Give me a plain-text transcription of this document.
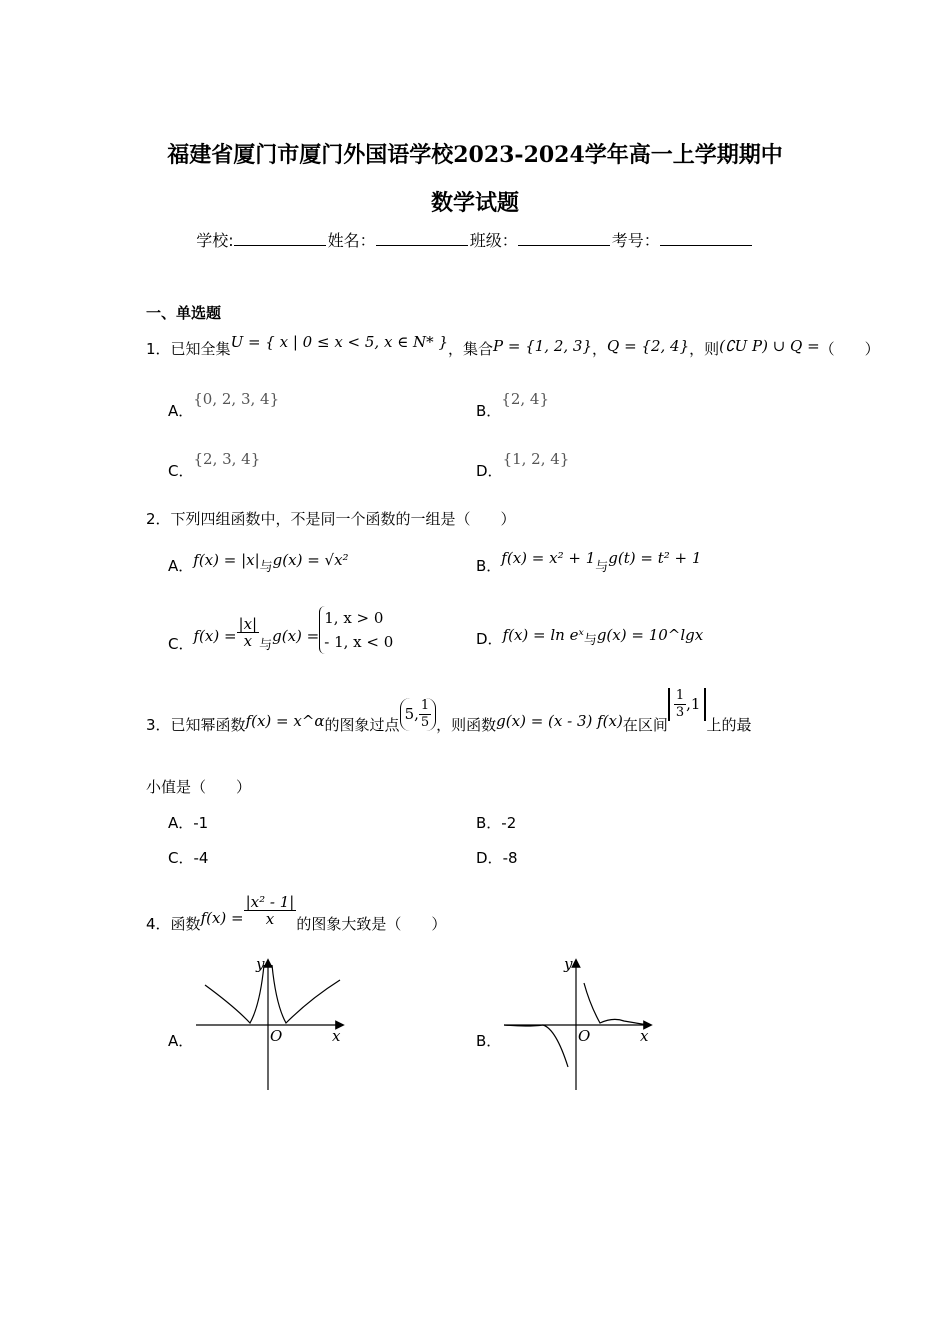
福建省厦门市厦门外国语学校2023-2024学年高一上学期期中
数学试题
学校:	姓名：	班级：	考号：
一、单选题
1．已知全集U = { x | 0 ≤ x < 5, x ∈ N* }，集合P = {1, 2, 3}，Q = {2, 4}，则(∁U P) ∪ Q =（　　）
A．{0, 2, 3, 4}
B．{2, 4}
C．{2, 3, 4}
D．{1, 2, 4}
2．下列四组函数中，不是同一个函数的一组是（　　）
A．f(x) = |x|与g(x) = √x²	B．f(x) = x² + 1与g(t) = t² + 1
C．$f(x) = \frac{|x|}{x}$ 与g(x) =
1, x > 0
- 1, x < 0	D．f(x) = ln eˣ与g(x) = 10^lgx
3．已知幂函数f(x) = x^α的图象过点5, $\frac{1}{5}$ ，则函数g(x) = (x - 3) f(x)在区间
$\frac{1}{3} ,1$上的最
小值是（　　）
A．-1	B．-2
C．-4	D．-8
4．函数$f(x) = \frac{\text{|x² - 1|}}{x}$ 的图象大致是（　　）
A．
y
x
O	B．
y
x
O
